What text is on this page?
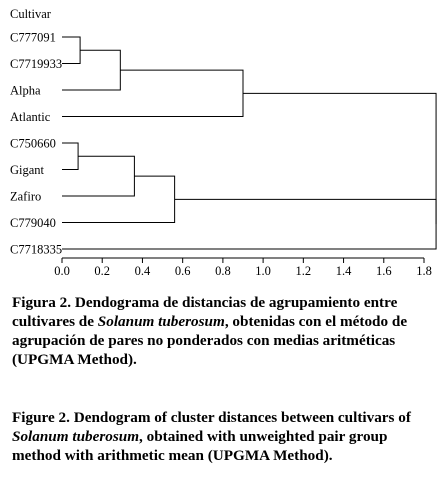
Cultivar
C777091
C7719933
Alpha
Atlantic
C750660
Gigant
Zafiro
C779040
C7718335
0.0 0.2 0.4 0.6 0.8 1.0 1.2 1.4 1.6 1.8
Figura 2. Dendograma de distancias de agrupamiento entre cultivares de Solanum tuberosum, obtenidas con el método de agrupación de pares no ponderados con medias aritméticas (UPGMA Method).
Figure 2. Dendogram of cluster distances between cultivars of Solanum tuberosum, obtained with unweighted pair group method with arithmetic mean (UPGMA Method).
